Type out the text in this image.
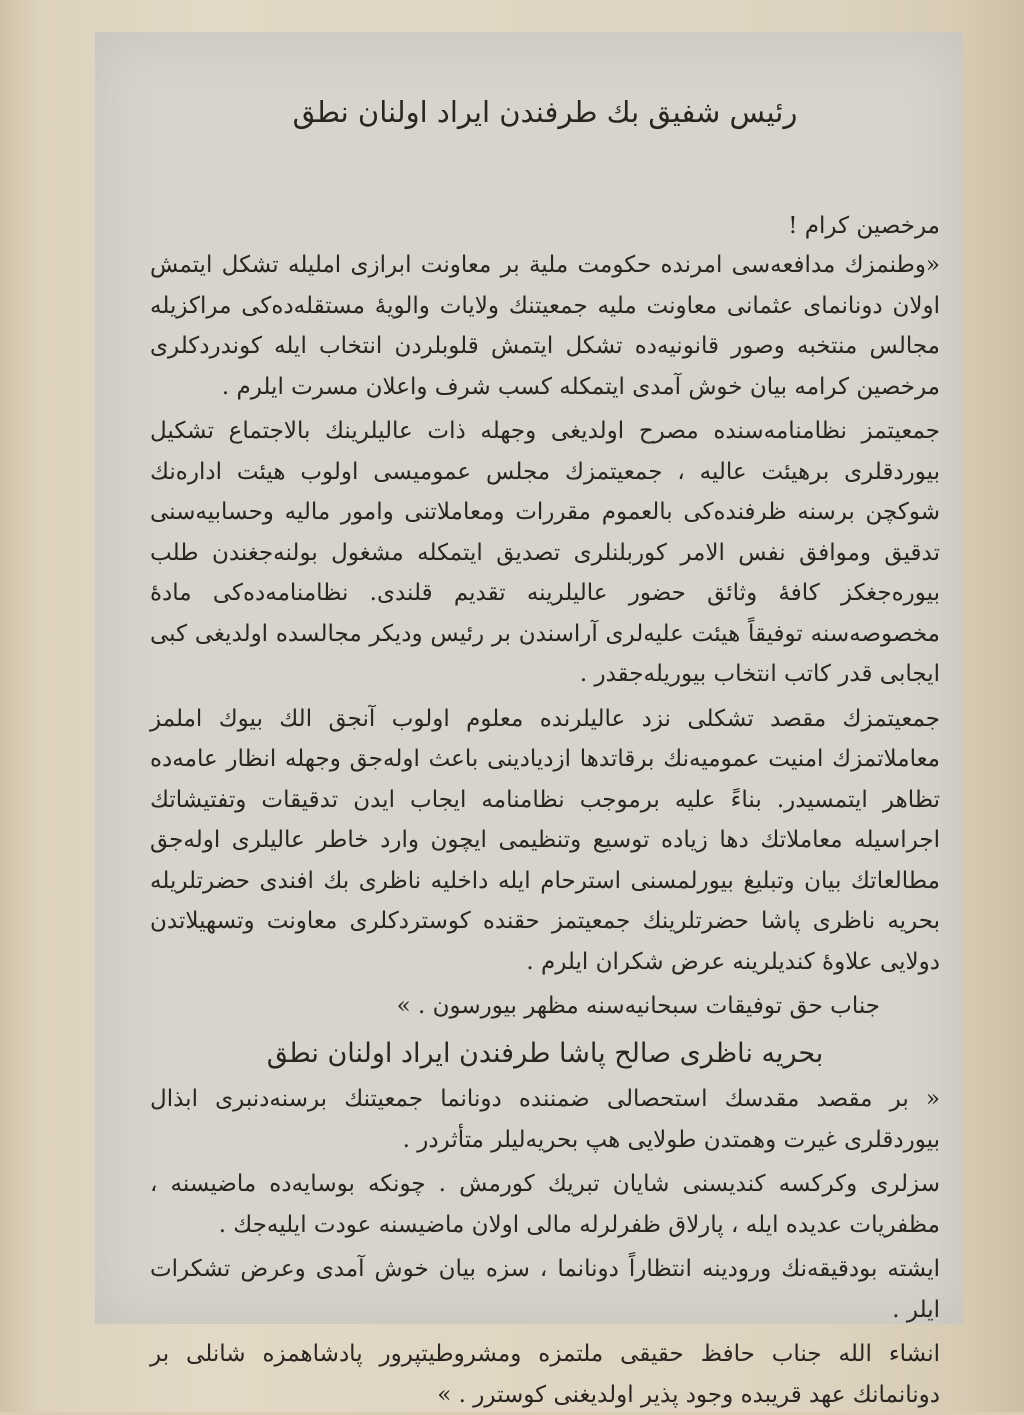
رئیس شفیق بك طرفندن ایراد اولنان نطق
مرخصین کرام !

«وطنمزك مدافعه‌سی امرنده حكومت ملیة‌ بر معاونت ابرازی املیله تشكل ایتمش اولان دونانمای عثمانی معاونت ملیه جمعیتنك ولایات والویهٔ مستقله‌ده‌كی مراكزیله مجالس منتخبه وصور قانونیه‌ده تشكل ایتمش قلوبلردن انتخاب ایله كوندردكلری مرخصین كرامه بیان خوش آمدی ایتمكله كسب شرف واعلان مسرت ایلرم .

جمعیتمز نظامنامه‌سنده مصرح اولدیغی وجهله ذات عالیلرینك بالاجتماع تشكیل بیوردقلری برهیئت عالیه ، جمعیتمزك مجلس عمومیسی اولوب هیئت اداره‌نك شوكچن برسنه ظرفنده‌كی بالعموم مقررات ومعاملاتنی وامور مالیه وحسابیه‌سنی تدقیق وموافق نفس الامر كوربلنلری تصدیق ایتمكله مشغول بولنه‌جغندن طلب بیوره‌جغكز كافهٔ وثائق حضور عالیلرینه تقدیم قلندی. نظامنامه‌ده‌كی مادهٔ مخصوصه‌سنه توفیقاً هیئت علیه‌لری آراسندن بر رئیس ودیكر مجالسده اولدیغی كبی ایجابی قدر كاتب انتخاب بیوریله‌جقدر .

جمعیتمزك مقصد تشكلی نزد عالیلرنده معلوم اولوب آنجق الك بیوك املمز معاملاتمزك امنیت عمومیه‌نك برقاتدها ازدیادینی باعث اوله‌جق وجهله انظار عامه‌ده تظاهر ایتمسیدر. بناءً علیه برموجب نظامنامه ایجاب ایدن تدقیقات وتفتیشاتك اجراسیله معاملاتك دها زیاده توسیع وتنظیمی ایچون وارد خاطر عالیلری اوله‌جق مطالعاتك بیان وتبلیغ بیورلمسنی استرحام ایله داخلیه ناظری بك افندی حضرتلریله بحریه ناظری پاشا حضرتلرینك جمعیتمز حقنده كوستردكلری معاونت وتسهیلاتدن دولایی علاوهٔ كندیلرینه عرض شكران ایلرم .

جناب حق توفیقات سبحانیه‌سنه مظهر بیورسون . »
بحریه ناظری صالح پاشا طرفندن ایراد اولنان نطق

« بر مقصد مقدسك استحصالی ضمننده دونانما جمعیتنك برسنه‌دنبری ابذال بیوردقلری غیرت وهمتدن طولایی هپ بحریه‌لیلر متأثردر .

سزلری وكركسه كندیسنی شایان تبریك كورمش . چونكه بوسایه‌ده ماضیسنه ، مظفریات عدیده ایله ، پارلاق ظفرلرله مالی اولان ماضیسنه عودت ایلیه‌جك .

ایشته بودقیقه‌نك ورودینه انتظاراً دونانما ، سزه بیان خوش آمدی وعرض تشكرات ایلر .

انشاء الله جناب حافظ حقیقی ملتمزه ومشروطیتپرور پادشاهمزه شانلی بر دونانمانك عهد قریبده وجود پذیر اولدیغنی كوسترر . »
